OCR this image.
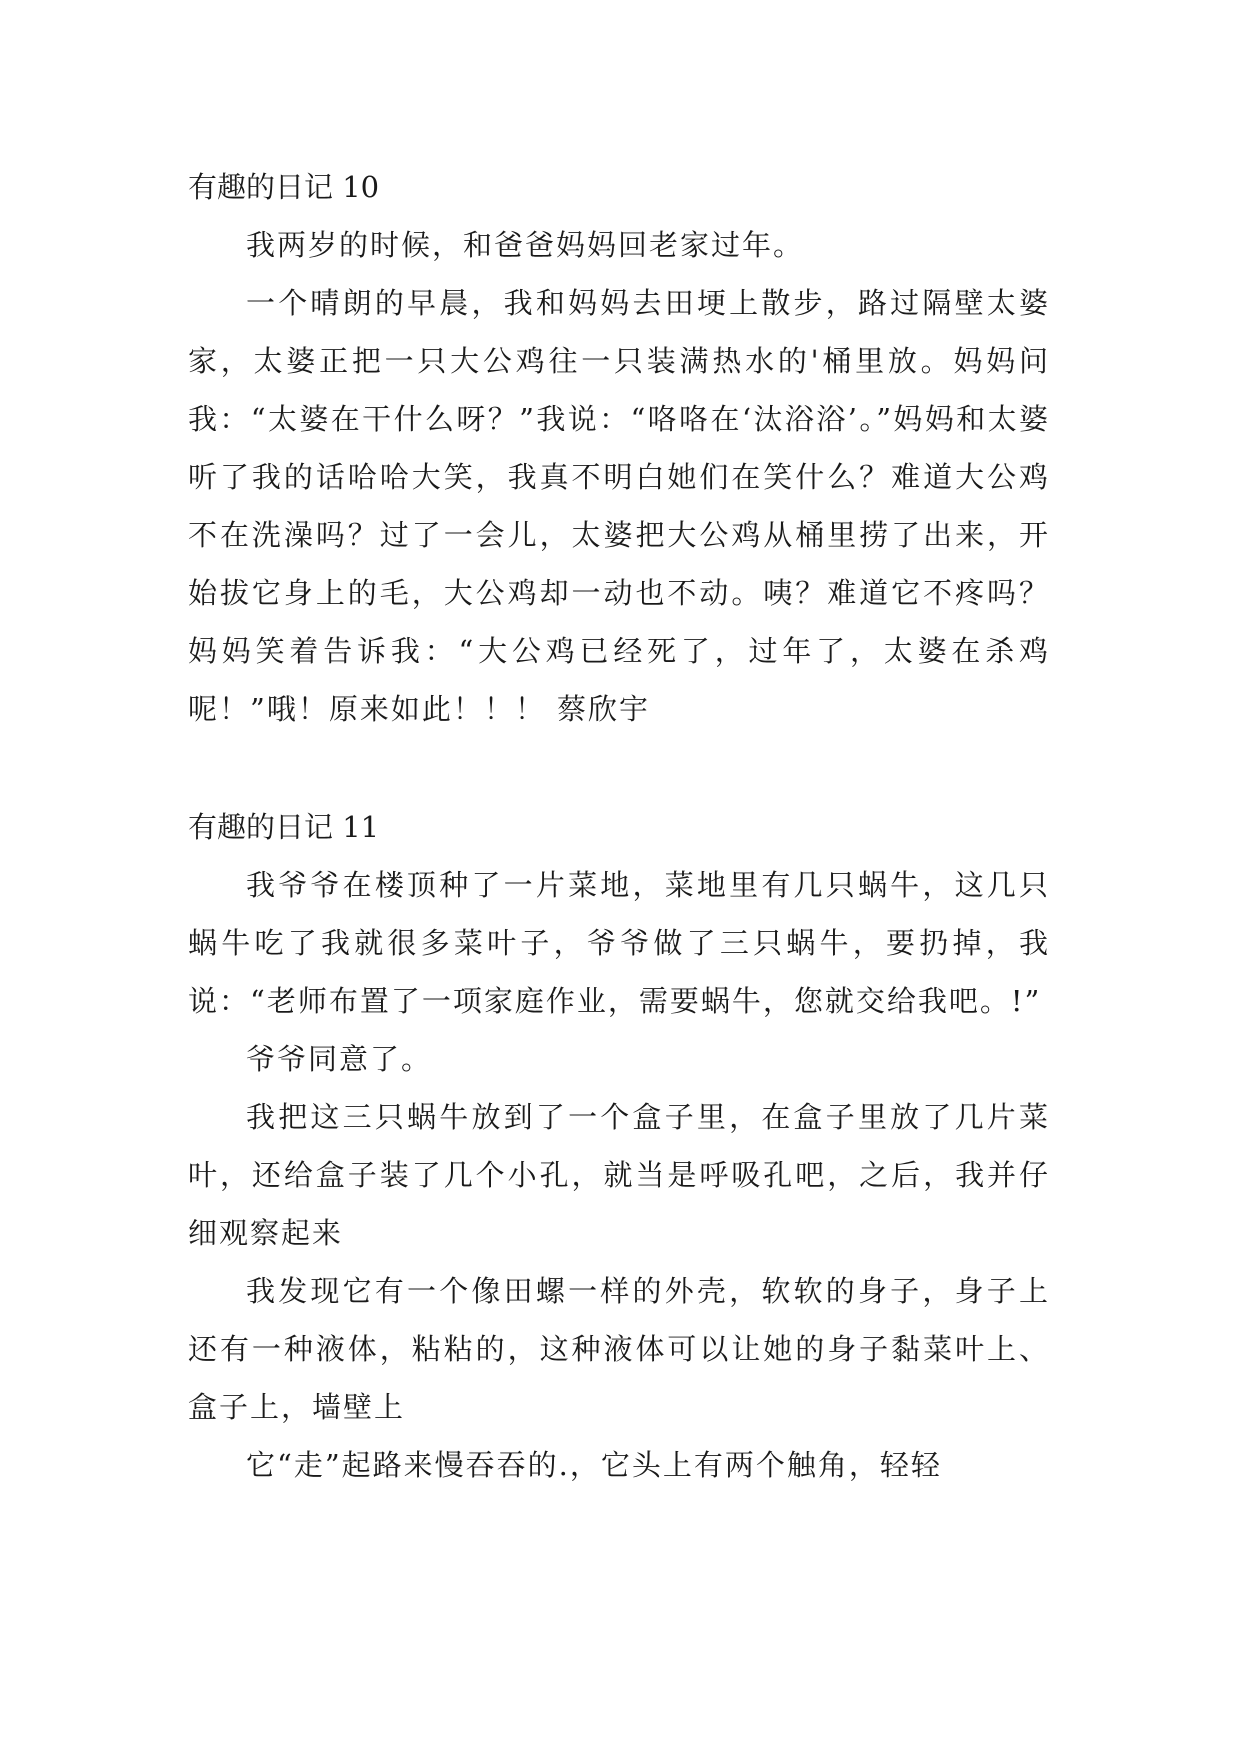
有趣的日记 10

我两岁的时候，和爸爸妈妈回老家过年。

一个晴朗的早晨，我和妈妈去田埂上散步，路过隔壁太婆家，太婆正把一只大公鸡往一只装满热水的'桶里放。妈妈问我：“太婆在干什么呀？”我说：“咯咯在‘汰浴浴’。”妈妈和太婆听了我的话哈哈大笑，我真不明白她们在笑什么？难道大公鸡不在洗澡吗？过了一会儿，太婆把大公鸡从桶里捞了出来，开始拔它身上的毛，大公鸡却一动也不动。咦？难道它不疼吗？妈妈笑着告诉我：“大公鸡已经死了，过年了，太婆在杀鸡呢！”哦！原来如此！！！ 蔡欣宇

有趣的日记 11

我爷爷在楼顶种了一片菜地，菜地里有几只蜗牛，这几只蜗牛吃了我就很多菜叶子，爷爷做了三只蜗牛，要扔掉，我说：“老师布置了一项家庭作业，需要蜗牛，您就交给我吧。!”

爷爷同意了。

我把这三只蜗牛放到了一个盒子里，在盒子里放了几片菜叶，还给盒子装了几个小孔，就当是呼吸孔吧，之后，我并仔细观察起来

我发现它有一个像田螺一样的外壳，软软的身子，身子上还有一种液体，粘粘的，这种液体可以让她的身子黏菜叶上、盒子上，墙壁上

它“走”起路来慢吞吞的.，它头上有两个触角，轻轻
